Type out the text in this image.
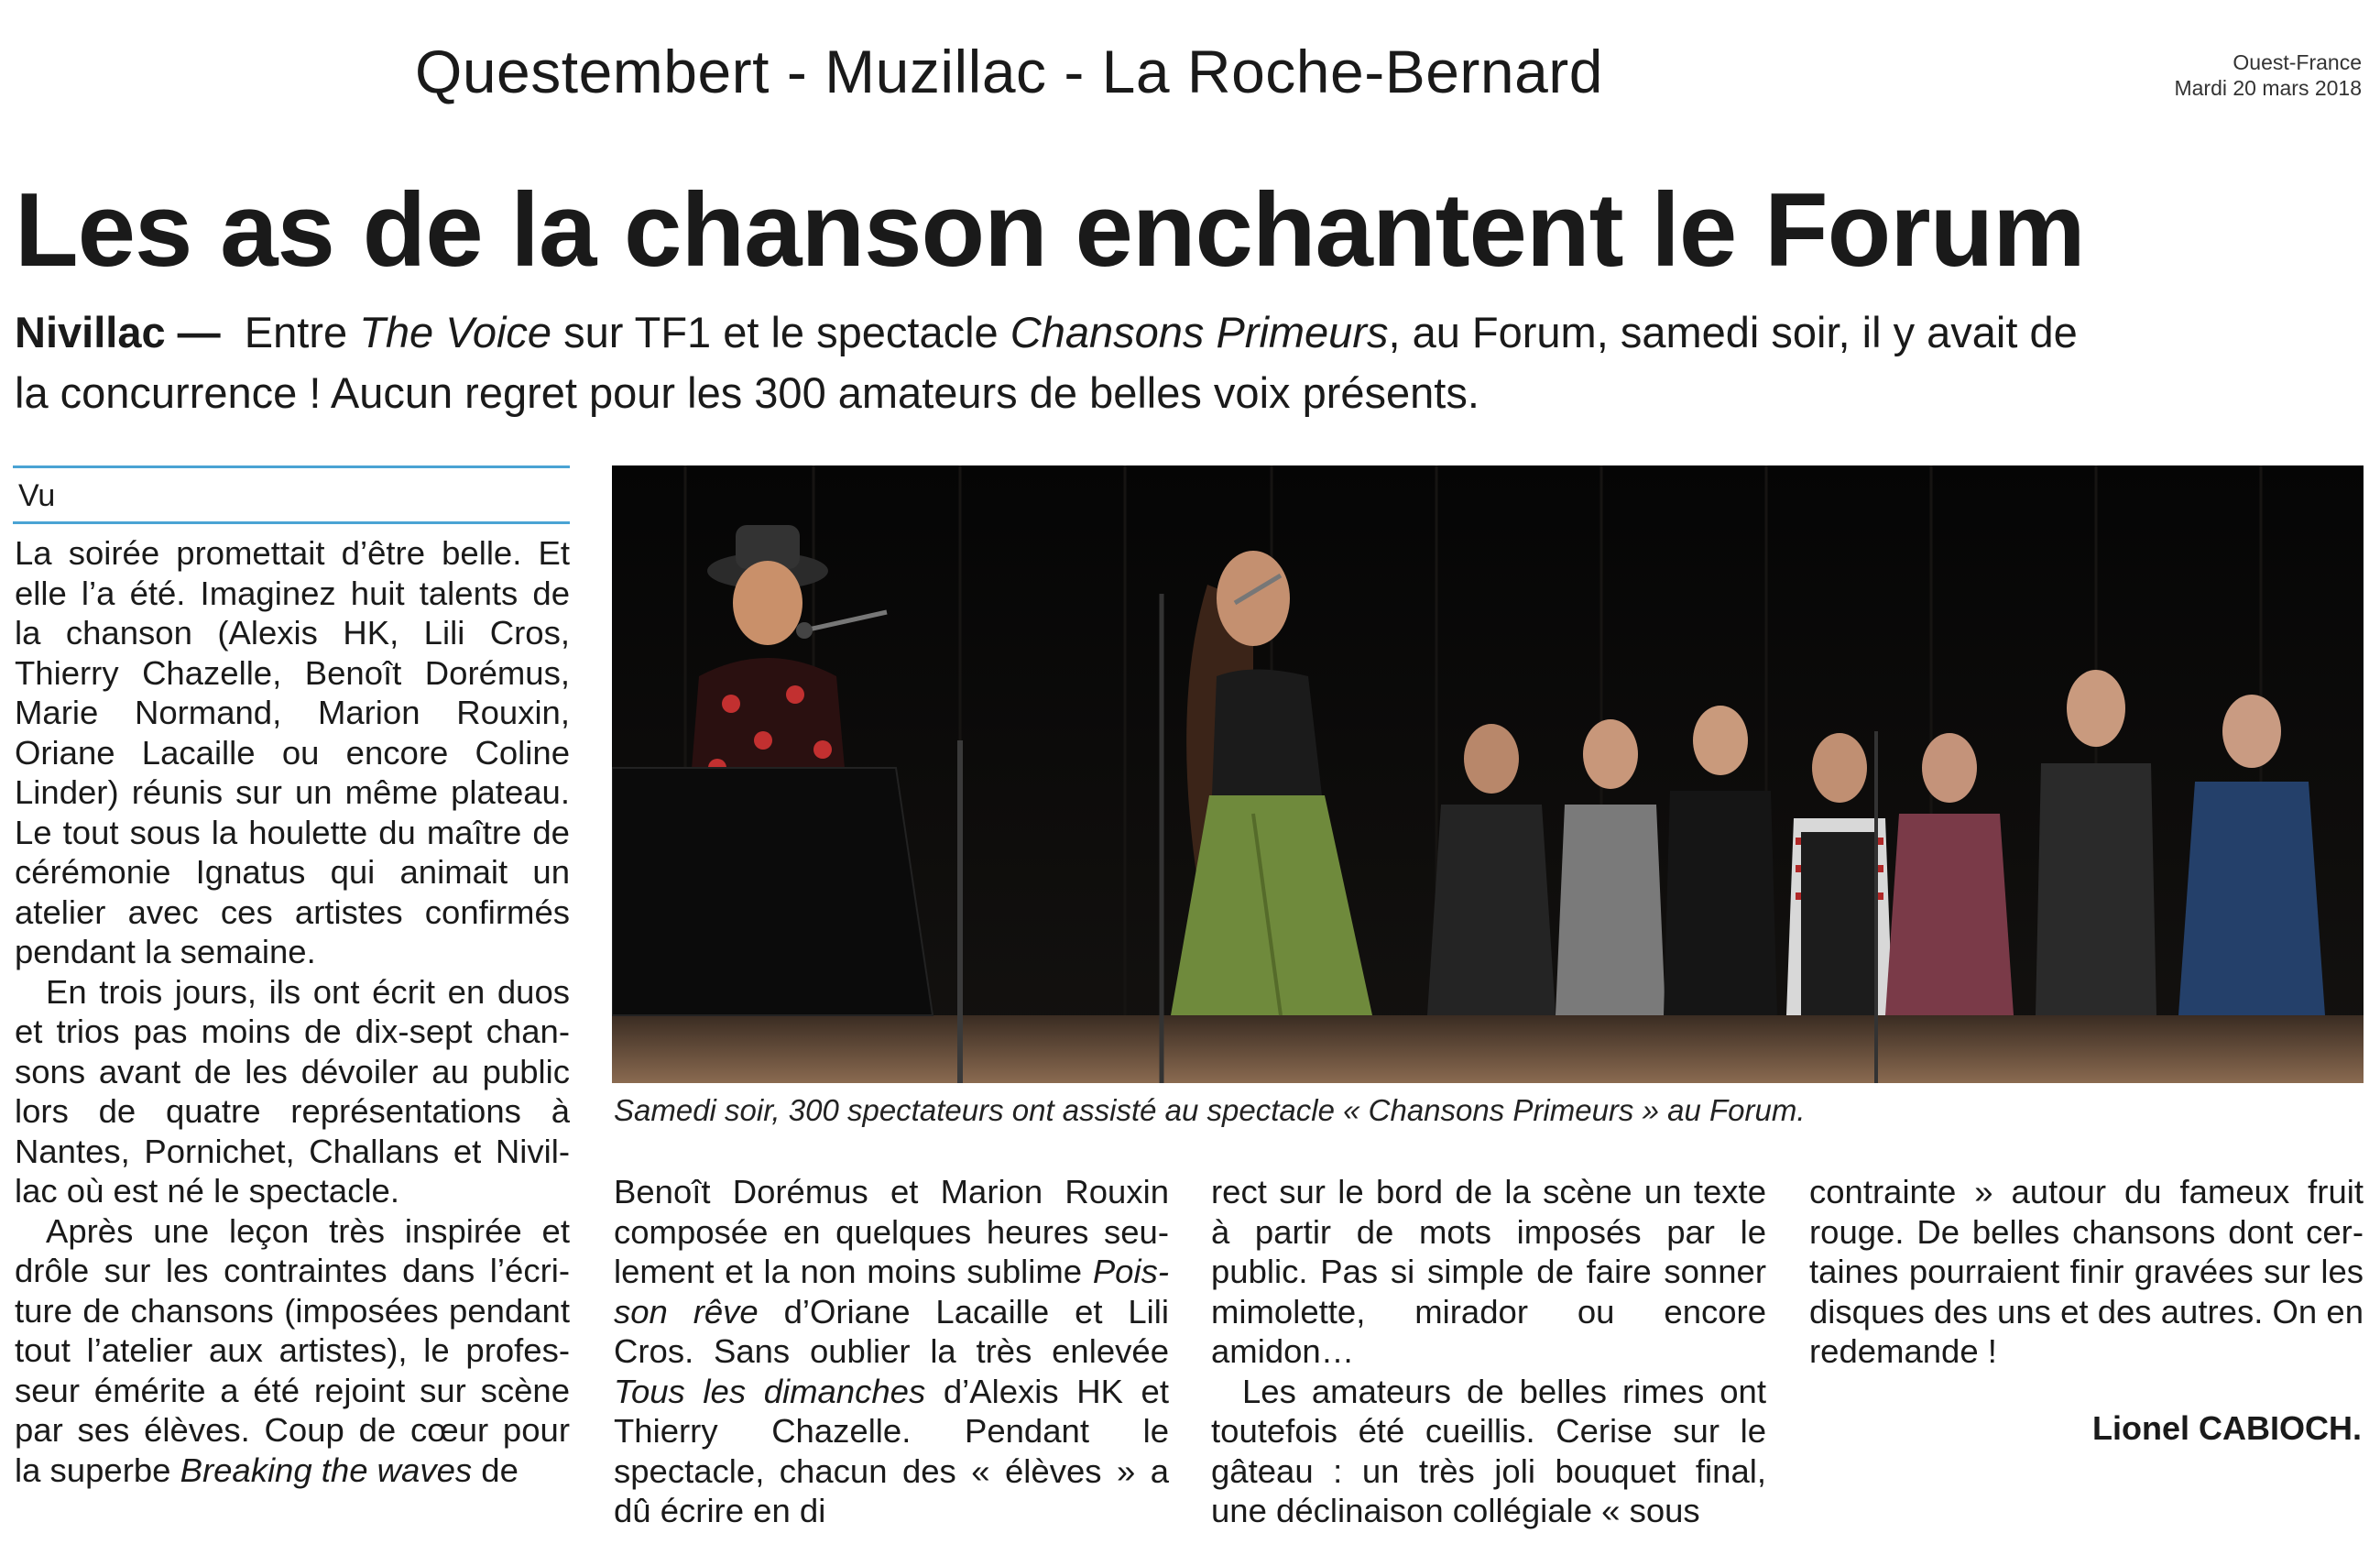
Questembert - Muzillac - La Roche-Bernard	Ouest-France
Mardi 20 mars 2018
Les as de la chanson enchantent le Forum
Nivillac — Entre The Voice sur TF1 et le spectacle Chansons Primeurs, au Forum, samedi soir, il y avait de la concurrence ! Aucun regret pour les 300 amateurs de belles voix présents.
Vu

La soirée promettait d’être belle. Et elle l’a été. Imaginez huit talents de la chanson (Alexis HK, Lili Cros, Thierry Chazelle, Benoît Dorémus, Marie Normand, Marion Rouxin, Oriane Lacaille ou encore Coline Linder) réunis sur un même plateau. Le tout sous la houlette du maître de cérémonie Ignatus qui animait un atelier avec ces artistes confirmés pendant la semaine.

En trois jours, ils ont écrit en duos et trios pas moins de dix-sept chansons avant de les dévoiler au public lors de quatre représentations à Nantes, Pornichet, Challans et Nivillac où est né le spectacle.

Après une leçon très inspirée et drôle sur les contraintes dans l’écriture de chansons (imposées pendant tout l’atelier aux artistes), le professeur émérite a été rejoint sur scène par ses élèves. Coup de cœur pour la superbe Breaking the waves de

Benoît Dorémus et Marion Rouxin composée en quelques heures seulement et la non moins sublime Poisson rêve d’Oriane Lacaille et Lili Cros. Sans oublier la très enlevée Tous les dimanches d’Alexis HK et Thierry Chazelle. Pendant le spectacle, chacun des « élèves » a dû écrire en di

rect sur le bord de la scène un texte à partir de mots imposés par le public. Pas si simple de faire sonner mimolette, mirador ou encore amidon…

Les amateurs de belles rimes ont toutefois été cueillis. Cerise sur le gâteau : un très joli bouquet final, une déclinaison collégiale « sous

contrainte » autour du fameux fruit rouge. De belles chansons dont certaines pourraient finir gravées sur les disques des uns et des autres. On en redemande !

Lionel CABIOCH.
Samedi soir, 300 spectateurs ont assisté au spectacle « Chansons Primeurs » au Forum.
